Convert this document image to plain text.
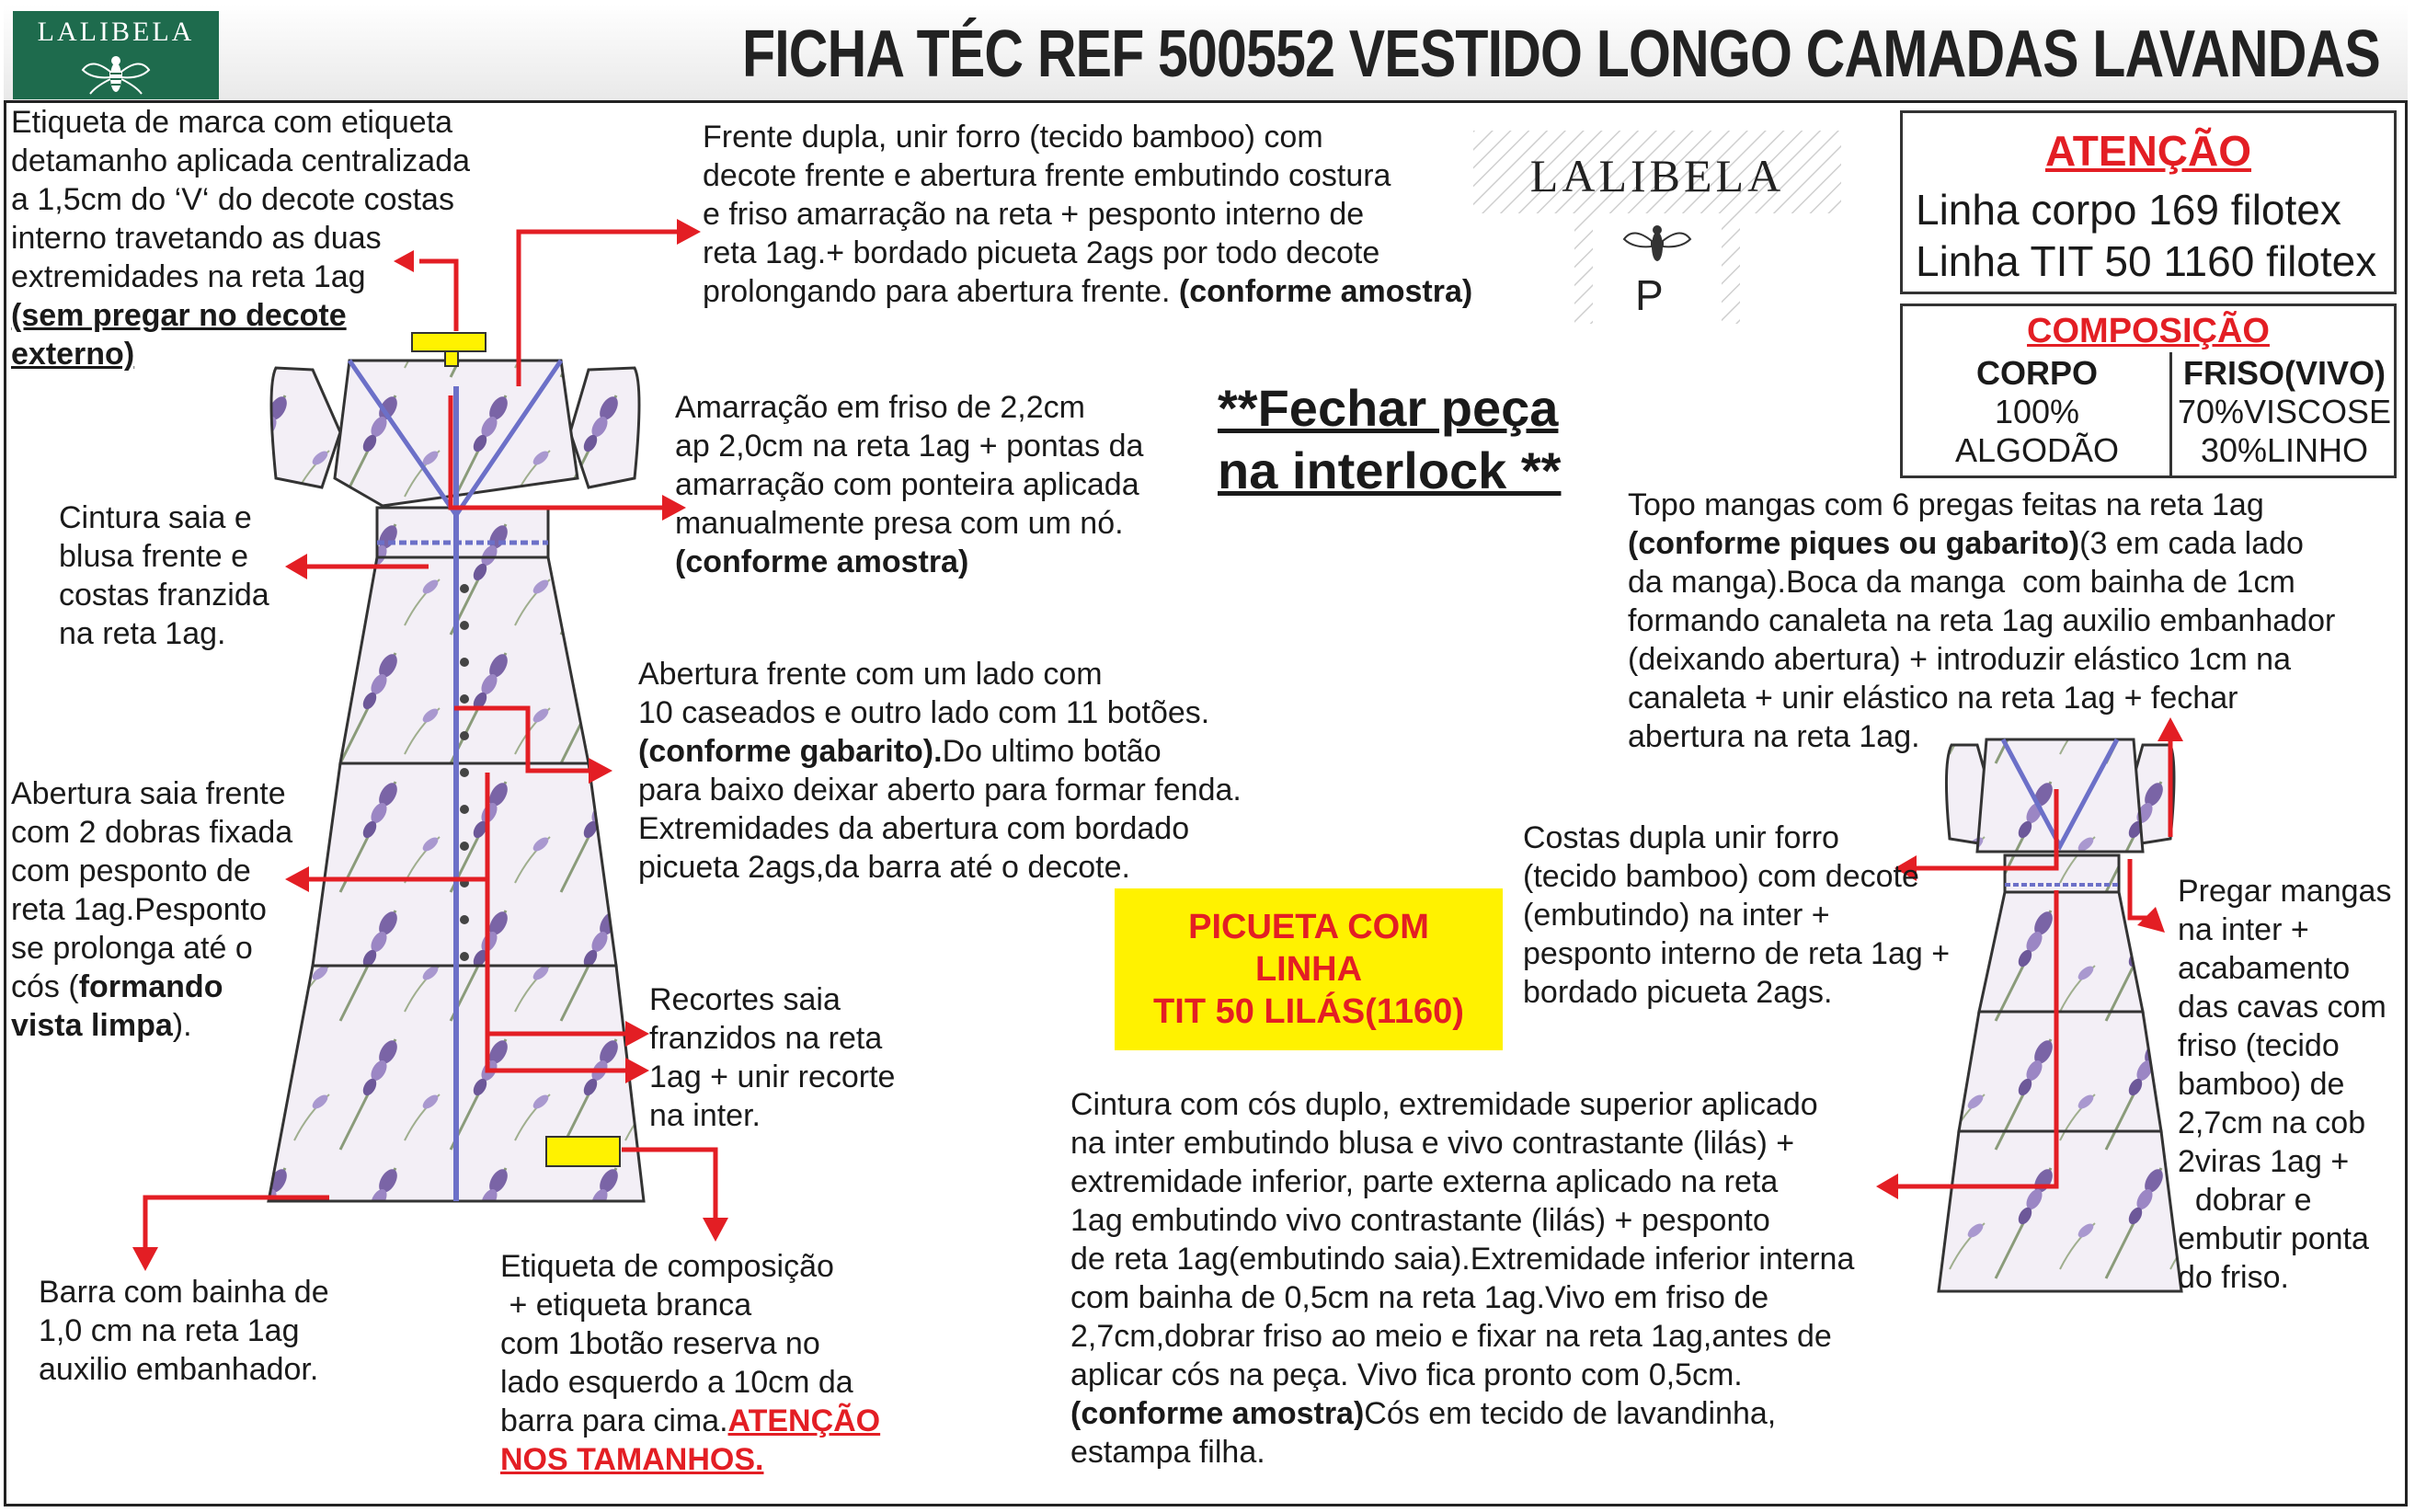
LALIBELA	FICHA TÉC REF 500552 VESTIDO LONGO CAMADAS LAVANDAS
LALIBELA
P
ATENÇÃO
Linha corpo 169 filotex
Linha TIT 50 1160 filotex
COMPOSIÇÃO
CORPO
100%
ALGODÃO
FRISO(VIVO)
70%VISCOSE
30%LINHO
**Fechar peça
na interlock **
PICUETA COM
LINHA
TIT 50 LILÁS(1160)
Etiqueta de marca com etiqueta
detamanho aplicada centralizada
a 1,5cm do ‘V‘ do decote costas
interno travetando as duas
extremidades na reta 1ag
(sem pregar no decote
externo)
Frente dupla, unir forro (tecido bamboo) com
decote frente e abertura frente embutindo costura
e friso amarração na reta + pesponto interno de
reta 1ag.+ bordado picueta 2ags por todo decote
prolongando para abertura frente. (conforme amostra)
Amarração em friso de 2,2cm
ap 2,0cm na reta 1ag + pontas da
amarração com ponteira aplicada
manualmente presa com um nó.
(conforme amostra)
Cintura saia e
blusa frente e
costas franzida
na reta 1ag.
Abertura frente com um lado com
10 caseados e outro lado com 11 botões.
(conforme gabarito).Do ultimo botão
para baixo deixar aberto para formar fenda.
Extremidades da abertura com bordado
picueta 2ags,da barra até o decote.
Abertura saia frente
com 2 dobras fixada
com pesponto de
reta 1ag.Pesponto
se prolonga até o
cós (formando
vista limpa).
Recortes saia
franzidos na reta
1ag + unir recorte
na inter.
Barra com bainha de
1,0 cm na reta 1ag
auxilio embanhador.
Etiqueta de composição
+ etiqueta branca
com 1botão reserva no
lado esquerdo a 10cm da
barra para cima.ATENÇÃO
NOS TAMANHOS.
Topo mangas com 6 pregas feitas na reta 1ag
(conforme piques ou gabarito)(3 em cada lado
da manga).Boca da manga  com bainha de 1cm
formando canaleta na reta 1ag auxilio embanhador
(deixando abertura) + introduzir elástico 1cm na
canaleta + unir elástico na reta 1ag + fechar
abertura na reta 1ag.
Costas dupla unir forro
(tecido bamboo) com decote
(embutindo) na inter +
pesponto interno de reta 1ag +
bordado picueta 2ags.
Pregar mangas
na inter +
acabamento
das cavas com
friso (tecido
bamboo) de
2,7cm na cob
2viras 1ag +
dobrar e
embutir ponta
do friso.
Cintura com cós duplo, extremidade superior aplicado
na inter embutindo blusa e vivo contrastante (lilás) +
extremidade inferior, parte externa aplicado na reta
1ag embutindo vivo contrastante (lilás) + pesponto
de reta 1ag(embutindo saia).Extremidade inferior interna
com bainha de 0,5cm na reta 1ag.Vivo em friso de
2,7cm,dobrar friso ao meio e fixar na reta 1ag,antes de
aplicar cós na peça. Vivo fica pronto com 0,5cm.
(conforme amostra)Cós em tecido de lavandinha,
estampa filha.
